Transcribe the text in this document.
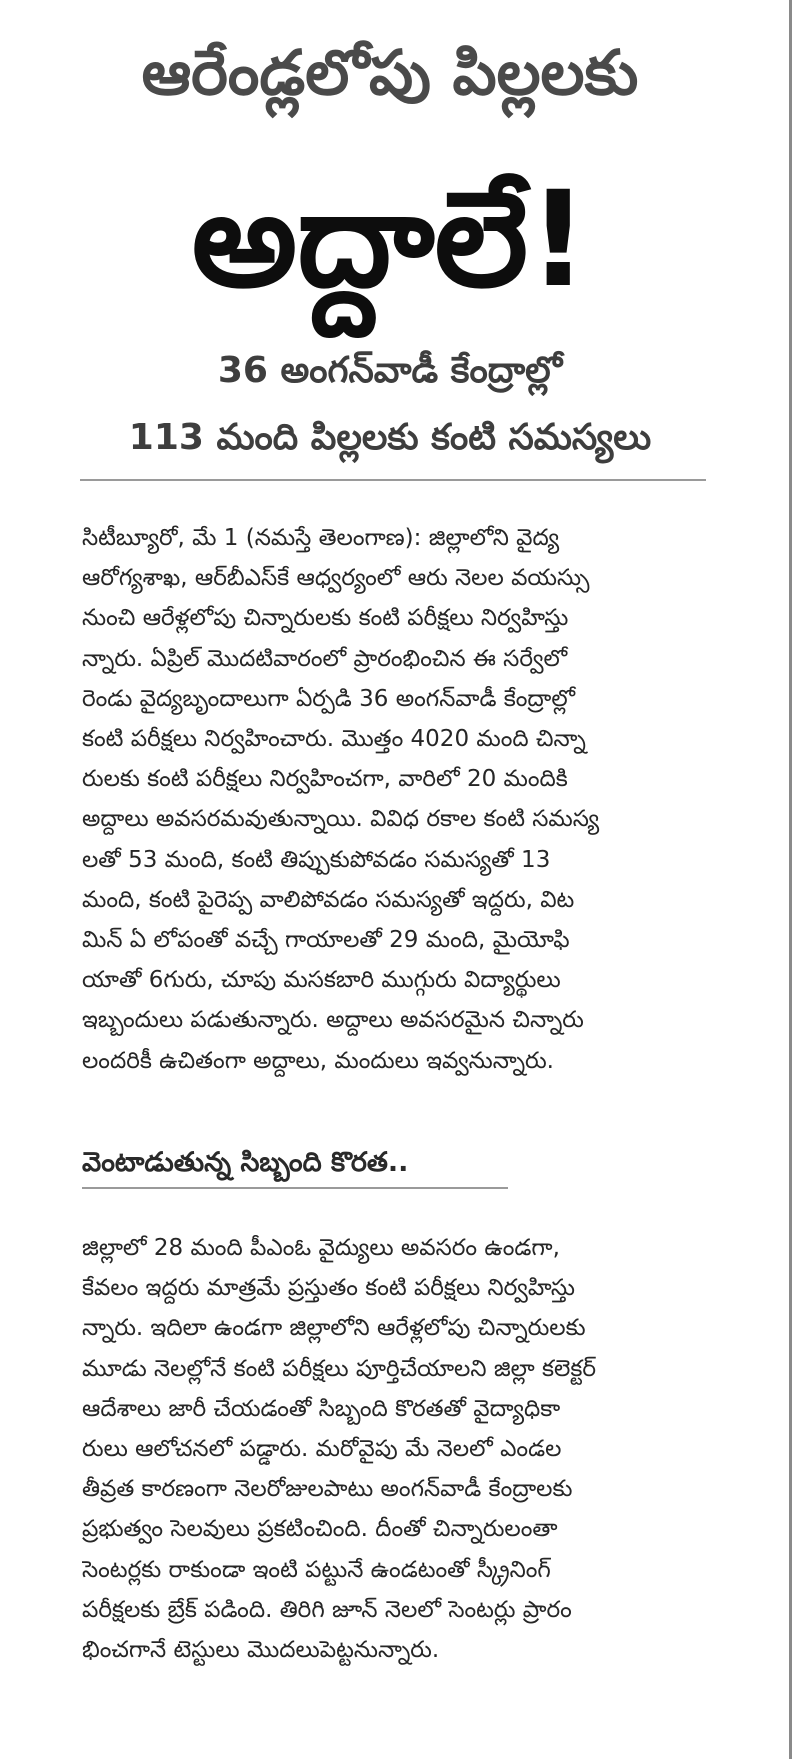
ఆరేండ్లలోపు పిల్లలకు
అద్దాలే!
36 అంగన్‌వాడీ కేంద్రాల్లో
113 మంది పిల్లలకు కంటి సమస్యలు
సిటీబ్యూరో, మే 1 (నమస్తే తెలంగాణ): జిల్లాలోని వైద్య
ఆరోగ్యశాఖ, ఆర్‌బీఎస్‌కే ఆధ్వర్యంలో ఆరు నెలల వయస్సు
నుంచి ఆరేళ్లలోపు చిన్నారులకు కంటి పరీక్షలు నిర్వహిస్తు
న్నారు. ఏప్రిల్ మొదటివారంలో ప్రారంభించిన ఈ సర్వేలో
రెండు వైద్యబృందాలుగా ఏర్పడి 36 అంగన్‌వాడీ కేంద్రాల్లో
కంటి పరీక్షలు నిర్వహించారు. మొత్తం 4020 మంది చిన్నా
రులకు కంటి పరీక్షలు నిర్వహించగా, వారిలో 20 మందికి
అద్దాలు అవసరమవుతున్నాయి. వివిధ రకాల కంటి సమస్య
లతో 53 మంది, కంటి తిప్పుకుపోవడం సమస్యతో 13
మంది, కంటి పైరెప్ప వాలిపోవడం సమస్యతో ఇద్దరు, విట
మిన్ ఏ లోపంతో వచ్చే గాయాలతో 29 మంది, మైయోఫి
యాతో 6గురు, చూపు మసకబారి ముగ్గురు విద్యార్థులు
ఇబ్బందులు పడుతున్నారు. అద్దాలు అవసరమైన చిన్నారు
లందరికీ ఉచితంగా అద్దాలు, మందులు ఇవ్వనున్నారు.
వెంటాడుతున్న సిబ్బంది కొరత..
జిల్లాలో 28 మంది పీఎంఓ వైద్యులు అవసరం ఉండగా,
కేవలం ఇద్దరు మాత్రమే ప్రస్తుతం కంటి పరీక్షలు నిర్వహిస్తు
న్నారు. ఇదిలా ఉండగా జిల్లాలోని ఆరేళ్లలోపు చిన్నారులకు
మూడు నెలల్లోనే కంటి పరీక్షలు పూర్తిచేయాలని జిల్లా కలెక్టర్
ఆదేశాలు జారీ చేయడంతో సిబ్బంది కొరతతో వైద్యాధికా
రులు ఆలోచనలో పడ్డారు. మరోవైపు మే నెలలో ఎండల
తీవ్రత కారణంగా నెలరోజులపాటు అంగన్‌వాడీ కేంద్రాలకు
ప్రభుత్వం సెలవులు ప్రకటించింది. దీంతో చిన్నారులంతా
సెంటర్లకు రాకుండా ఇంటి పట్టునే ఉండటంతో స్క్రీనింగ్
పరీక్షలకు బ్రేక్ పడింది. తిరిగి జూన్ నెలలో సెంటర్లు ప్రారం
భించగానే టెస్టులు మొదలుపెట్టనున్నారు.
